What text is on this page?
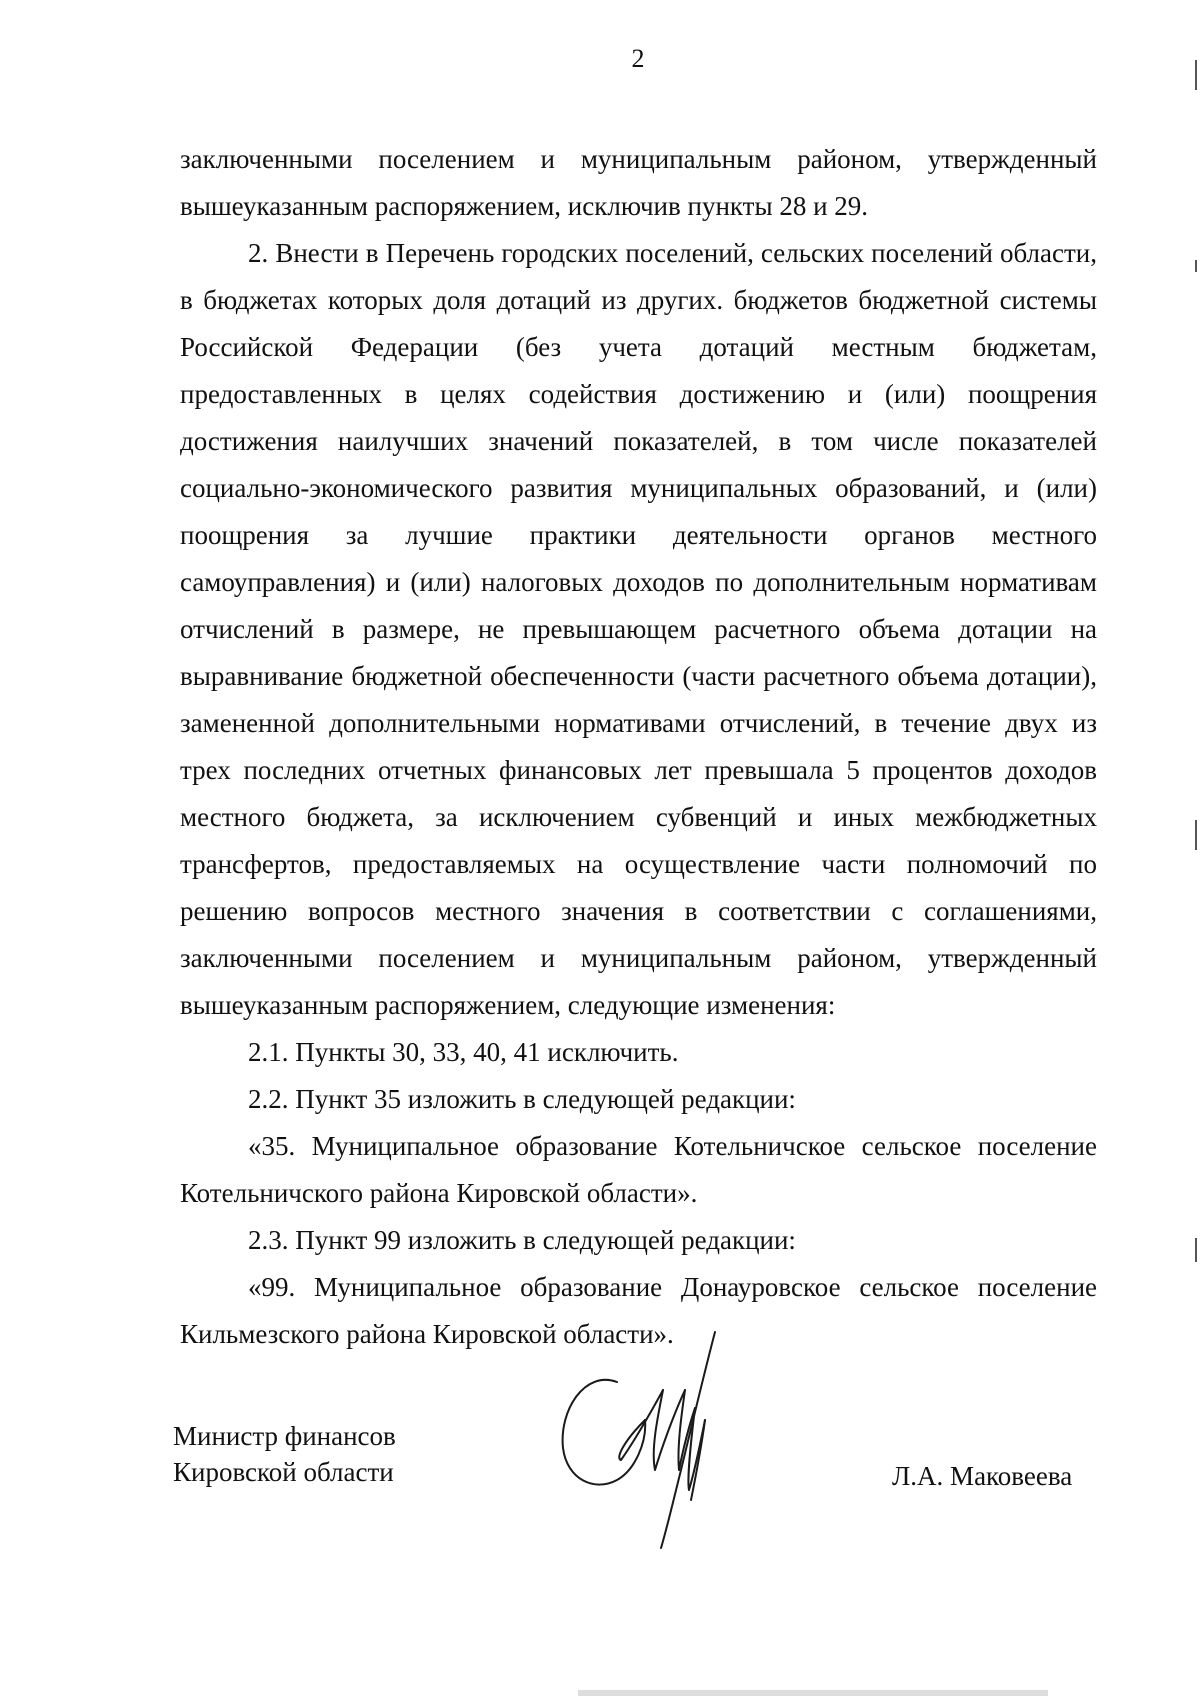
2

заключенными поселением и муниципальным районом, утвержденный вышеуказанным распоряжением, исключив пункты 28 и 29.

2. Внести в Перечень городских поселений, сельских поселений области, в бюджетах которых доля дотаций из других. бюджетов бюджетной системы Российской Федерации (без учета дотаций местным бюджетам, предоставленных в целях содействия достижению и (или) поощрения достижения наилучших значений показателей, в том числе показателей социально-экономического развития муниципальных образований, и (или) поощрения за лучшие практики деятельности органов местного самоуправления) и (или) налоговых доходов по дополнительным нормативам отчислений в размере, не превышающем расчетного объема дотации на выравнивание бюджетной обеспеченности (части расчетного объема дотации), замененной дополнительными нормативами отчислений, в течение двух из трех последних отчетных финансовых лет превышала 5 процентов доходов местного бюджета, за исключением субвенций и иных межбюджетных трансфертов, предоставляемых на осуществление части полномочий по решению вопросов местного значения в соответствии с соглашениями, заключенными поселением и муниципальным районом, утвержденный вышеуказанным распоряжением, следующие изменения:

2.1. Пункты 30, 33, 40, 41 исключить.

2.2. Пункт 35 изложить в следующей редакции:

«35. Муниципальное образование Котельничское сельское поселение Котельничского района Кировской области».

2.3. Пункт 99 изложить в следующей редакции:

«99. Муниципальное образование Донауровское сельское поселение Кильмезского района Кировской области».

Министр финансов
Кировской области	Л.А. Маковеева
